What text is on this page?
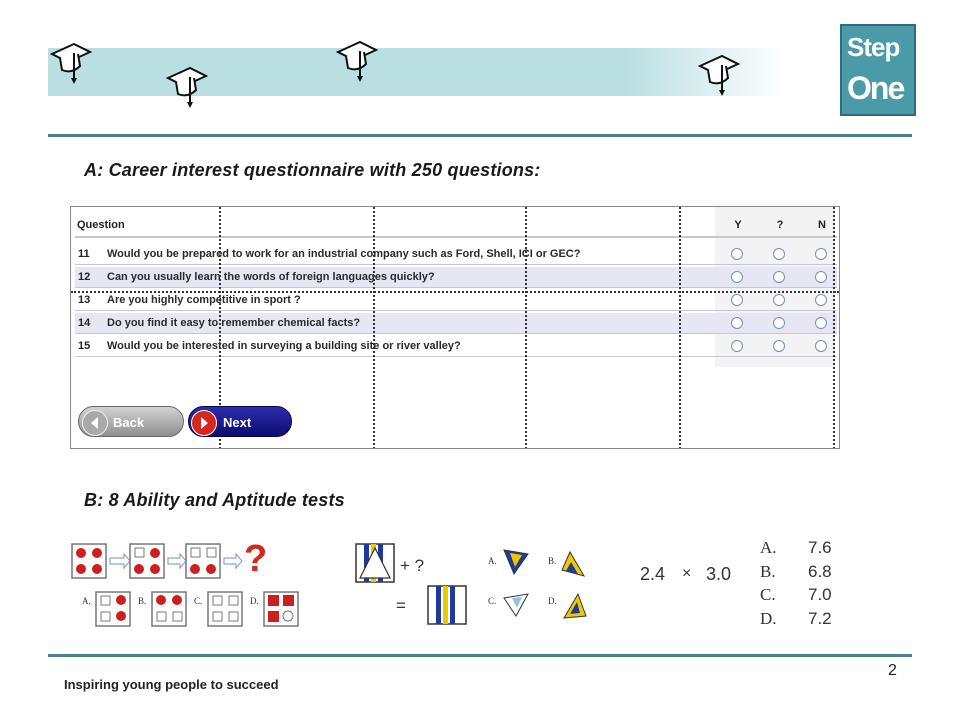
Step
One
A: Career interest questionnaire with 250 questions:
Question	Y	?	N
11 Would you be prepared to work for an industrial company such as Ford, Shell, ICI or GEC?
12 Can you usually learn the words of foreign languages quickly?
13 Are you highly competitive in sport ?
14 Do you find it easy to remember chemical facts?
15 Would you be interested in surveying a building site or river valley?
Back	Next
B: 8 Ability and Aptitude tests
?
A.	B.	C.	D.
+ ?
=
A.	B.
C.	D.
2.4 × 3.0
A. 7.6
B. 6.8
C. 7.0
D. 7.2
2
Inspiring young people to succeed
